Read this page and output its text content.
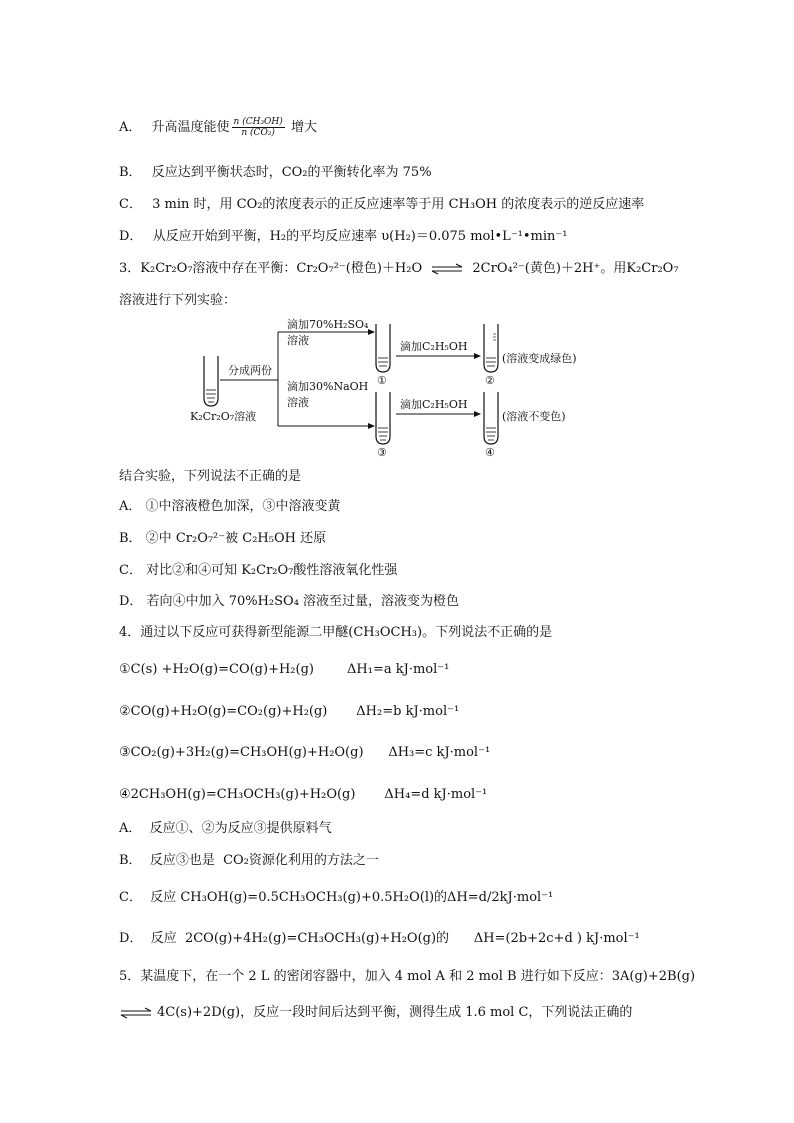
A． 升高温度能使 $\frac{\text{n (CH₃OH)}}{\text{n (CO₂)}}$ 增大
B． 反应达到平衡状态时，CO₂的平衡转化率为 75%
C． 3 min 时，用 CO₂的浓度表示的正反应速率等于用 CH₃OH 的浓度表示的逆反应速率
D． 从反应开始到平衡，H₂的平均反应速率 υ(H₂)＝0.075 mol•L⁻¹•min⁻¹
3．K₂Cr₂O₇溶液中存在平衡：Cr₂O₇²⁻(橙色)＋H₂O ⇌ 2CrO₄²⁻(黄色)＋2H⁺。用K₂Cr₂O₇
溶液进行下列实验：
K₂Cr₂O₇溶液
分成两份
滴加70%H₂SO₄
溶液
滴加30%NaOH
溶液
滴加C₂H₅OH
滴加C₂H₅OH
①	②
③	④
(溶液变成绿色)
(溶液不变色)
结合实验，下列说法不正确的是
A． ①中溶液橙色加深，③中溶液变黄
B． ②中 Cr₂O₇²⁻被 C₂H₅OH 还原
C． 对比②和④可知 K₂Cr₂O₇酸性溶液氧化性强
D． 若向④中加入 70%H₂SO₄ 溶液至过量，溶液变为橙色
4．通过以下反应可获得新型能源二甲醚(CH₃OCH₃)。下列说法不正确的是
①C(s) +H₂O(g)=CO(g)+H₂(g)        ΔH₁=a kJ·mol⁻¹
②CO(g)+H₂O(g)=CO₂(g)+H₂(g)       ΔH₂=b kJ·mol⁻¹
③CO₂(g)+3H₂(g)=CH₃OH(g)+H₂O(g)      ΔH₃=c kJ·mol⁻¹
④2CH₃OH(g)=CH₃OCH₃(g)+H₂O(g)       ΔH₄=d kJ·mol⁻¹
A．  反应①、②为反应③提供原料气
B．  反应③也是  CO₂资源化利用的方法之一
C．  反应 CH₃OH(g)=0.5CH₃OCH₃(g)+0.5H₂O(l)的ΔH=d/2kJ·mol⁻¹
D．  反应  2CO(g)+4H₂(g)=CH₃OCH₃(g)+H₂O(g)的      ΔH=(2b+2c+d ) kJ·mol⁻¹
5．某温度下，在一个 2 L 的密闭容器中，加入 4 mol A 和 2 mol B 进行如下反应：3A(g)+2B(g)
⇌ 4C(s)+2D(g)，反应一段时间后达到平衡，测得生成 1.6 mol C，下列说法正确的
